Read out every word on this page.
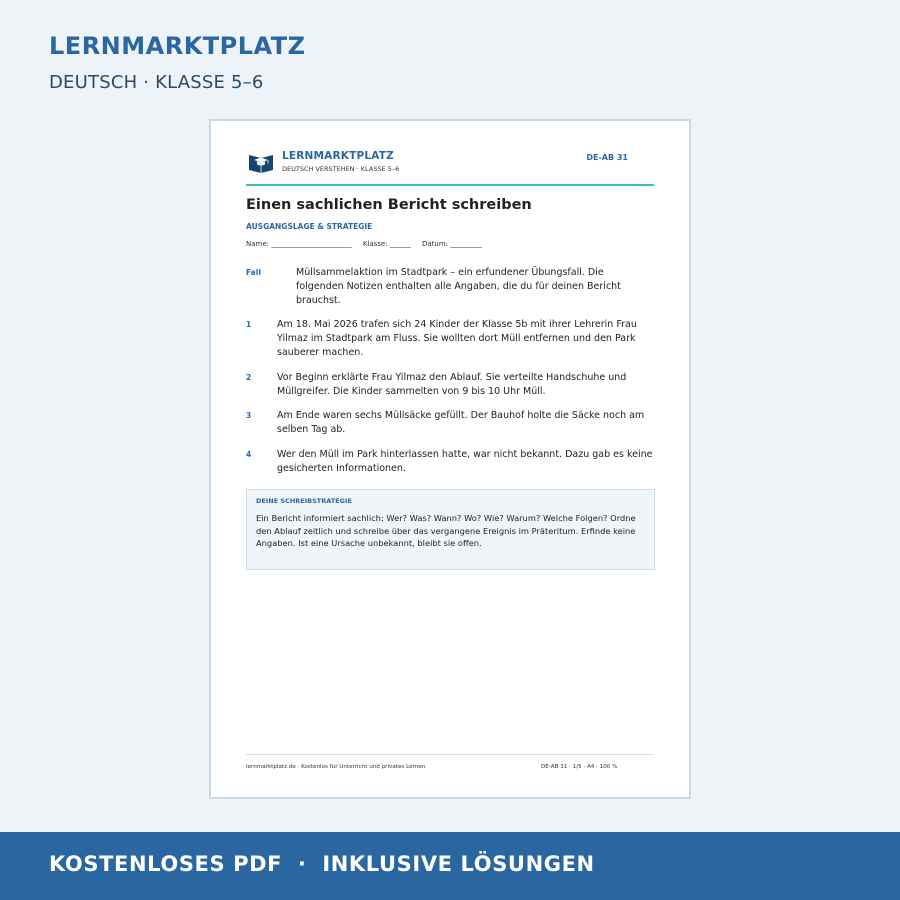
LERNMARKTPLATZ
DEUTSCH · KLASSE 5–6
LERNMARKTPLATZ
DEUTSCH VERSTEHEN · KLASSE 5–6
DE-AB 31
Einen sachlichen Bericht schreiben
AUSGANGSLAGE & STRATEGIE
Name: _______________________     Klasse: ______     Datum: _________
Fall	Müllsammelaktion im Stadtpark – ein erfundener Übungsfall. Die folgenden Notizen enthalten alle Angaben, die du für deinen Bericht brauchst.
1	Am 18. Mai 2026 trafen sich 24 Kinder der Klasse 5b mit ihrer Lehrerin Frau Yilmaz im Stadtpark am Fluss. Sie wollten dort Müll entfernen und den Park sauberer machen.
2	Vor Beginn erklärte Frau Yilmaz den Ablauf. Sie verteilte Handschuhe und Müllgreifer. Die Kinder sammelten von 9 bis 10 Uhr Müll.
3	Am Ende waren sechs Müllsäcke gefüllt. Der Bauhof holte die Säcke noch am selben Tag ab.
4	Wer den Müll im Park hinterlassen hatte, war nicht bekannt. Dazu gab es keine gesicherten Informationen.
DEINE SCHREIBSTRATEGIE
Ein Bericht informiert sachlich: Wer? Was? Wann? Wo? Wie? Warum? Welche Folgen? Ordne den Ablauf zeitlich und schreibe über das vergangene Ereignis im Präteritum. Erfinde keine Angaben. Ist eine Ursache unbekannt, bleibt sie offen.
lernmarktplatz.de · Kostenlos für Unterricht und privates Lernen	DE-AB 31 · 1/5 · A4 · 100 %
KOSTENLOSES PDF  ·  INKLUSIVE LÖSUNGEN
